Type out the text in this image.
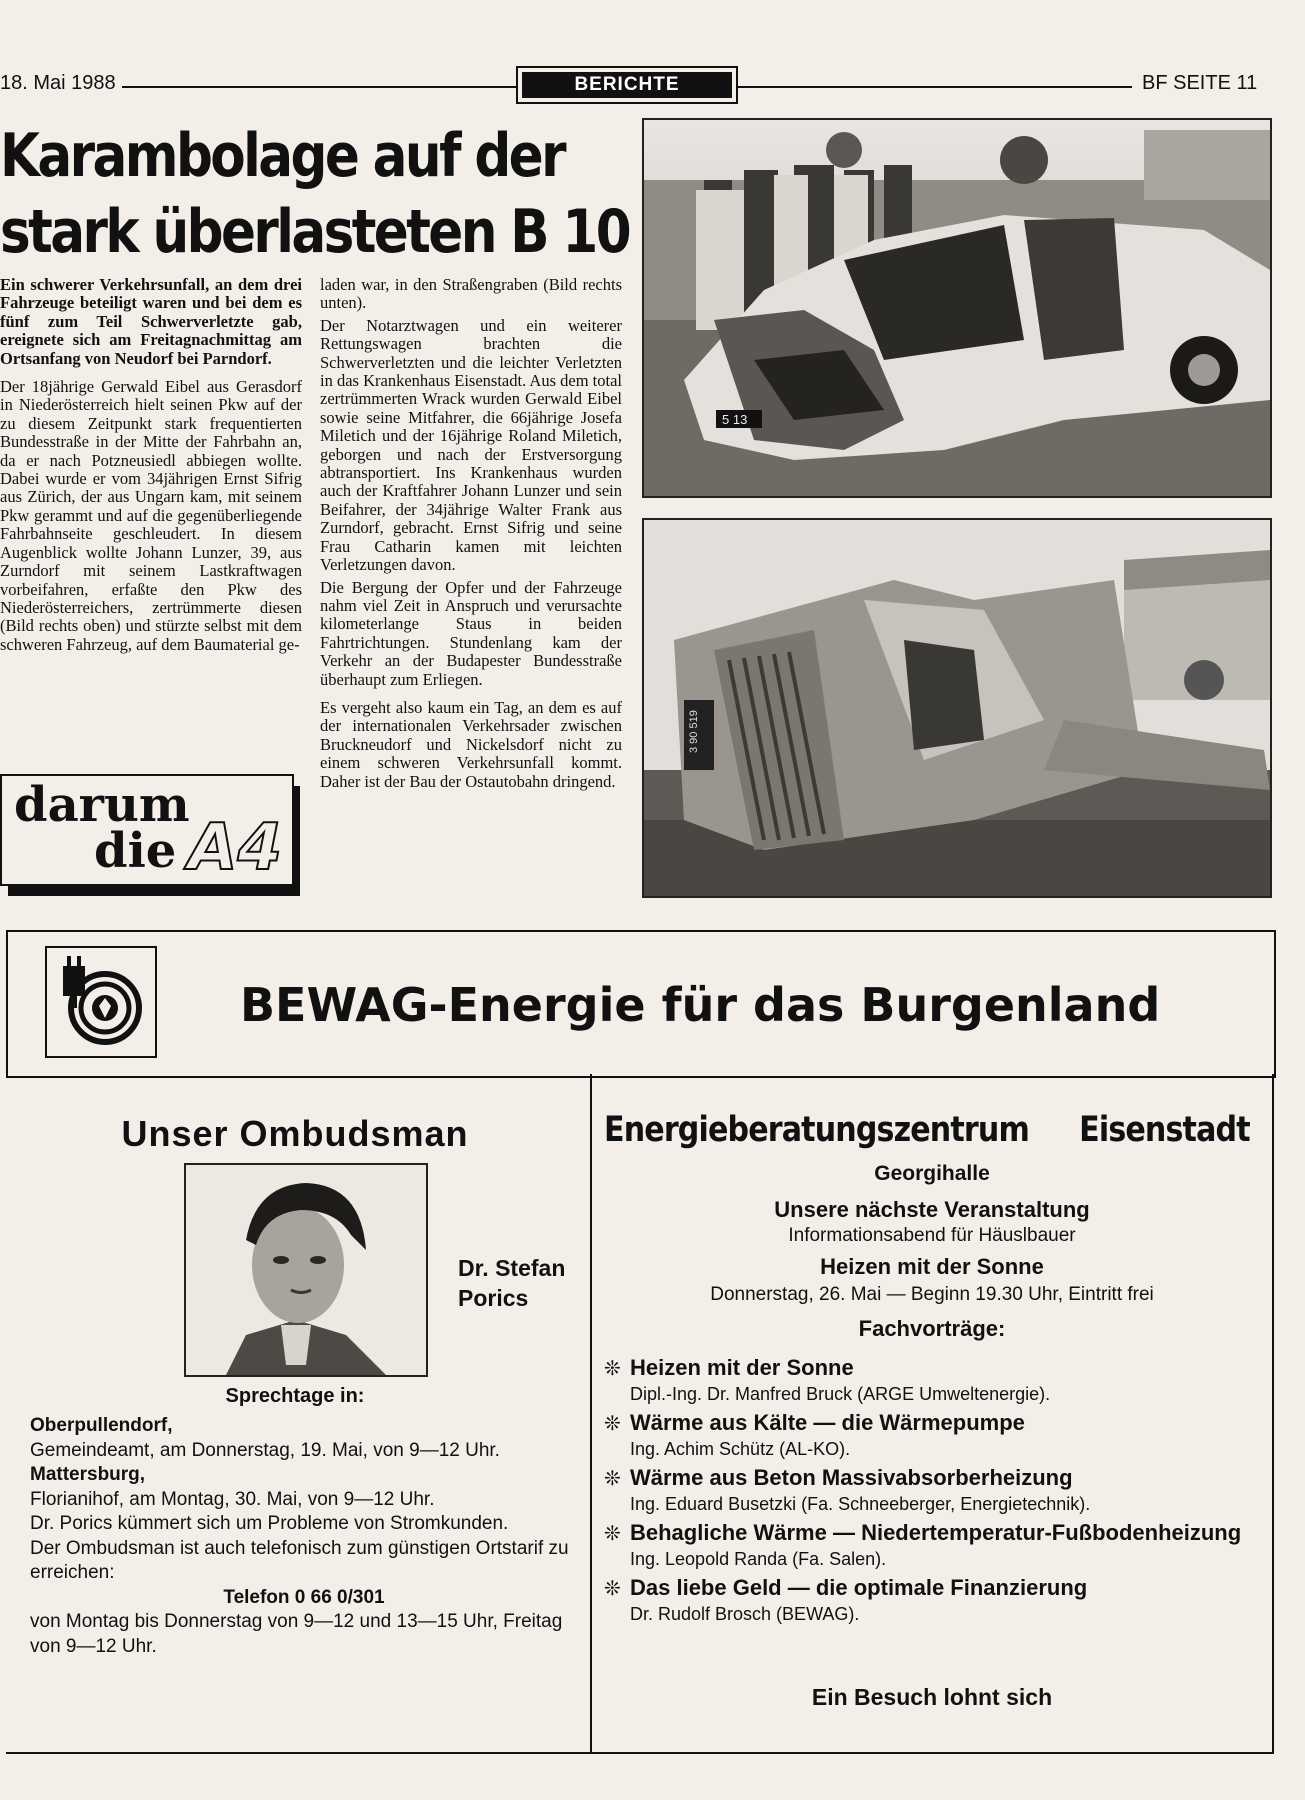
18. Mai 1988	BERICHTE	BF SEITE 11
Karambolage auf der
stark überlasteten B 10

Ein schwerer Verkehrsunfall, an dem drei Fahrzeuge beteiligt waren und bei dem es fünf zum Teil Schwerverletzte gab, ereignete sich am Freitagnachmittag am Ortsanfang von Neudorf bei Parndorf.

Der 18jährige Gerwald Eibel aus Gerasdorf in Niederösterreich hielt seinen Pkw auf der zu diesem Zeitpunkt stark frequentierten Bundesstraße in der Mitte der Fahrbahn an, da er nach Potzneusiedl abbiegen wollte. Dabei wurde er vom 34jährigen Ernst Sifrig aus Zürich, der aus Ungarn kam, mit seinem Pkw gerammt und auf die gegenüberliegende Fahrbahnseite geschleudert. In diesem Augenblick wollte Johann Lunzer, 39, aus Zurndorf mit seinem Lastkraftwagen vorbeifahren, erfaßte den Pkw des Niederösterreichers, zertrümmerte diesen (Bild rechts oben) und stürzte selbst mit dem schweren Fahrzeug, auf dem Baumaterial ge-

laden war, in den Straßengraben (Bild rechts unten).

Der Notarztwagen und ein weiterer Rettungswagen brachten die Schwerverletzten und die leichter Verletzten in das Krankenhaus Eisenstadt. Aus dem total zertrümmerten Wrack wurden Gerwald Eibel sowie seine Mitfahrer, die 66jährige Josefa Miletich und der 16jährige Roland Miletich, geborgen und nach der Erstversorgung abtransportiert. Ins Krankenhaus wurden auch der Kraftfahrer Johann Lunzer und sein Beifahrer, der 34jährige Walter Frank aus Zurndorf, gebracht. Ernst Sifrig und seine Frau Catharin kamen mit leichten Verletzungen davon.

Die Bergung der Opfer und der Fahrzeuge nahm viel Zeit in Anspruch und verursachte kilometerlange Staus in beiden Fahrtrichtungen. Stundenlang kam der Verkehr an der Budapester Bundesstraße überhaupt zum Erliegen.

Es vergeht also kaum ein Tag, an dem es auf der internationalen Verkehrsader zwischen Bruckneudorf und Nickelsdorf nicht zu einem schweren Verkehrsunfall kommt. Daher ist der Bau der Ostautobahn dringend.

5 13
3 90 519
darum
die A4
BEWAG-Energie für das Burgenland
Unser Ombudsman
Dr. Stefan
Porics
Sprechtage in:
Oberpullendorf,
Gemeindeamt, am Donnerstag, 19. Mai, von 9—12 Uhr.
Mattersburg,
Florianihof, am Montag, 30. Mai, von 9—12 Uhr.
Dr. Porics kümmert sich um Probleme von Stromkunden.
Der Ombudsman ist auch telefonisch zum günstigen Ortstarif zu erreichen:
Telefon 0 66 0/301
von Montag bis Donnerstag von 9—12 und 13—15 Uhr, Freitag von 9—12 Uhr.
Energieberatungszentrum Eisenstadt
Georgihalle
Unsere nächste Veranstaltung
Informationsabend für Häuslbauer
Heizen mit der Sonne
Donnerstag, 26. Mai — Beginn 19.30 Uhr, Eintritt frei
Fachvorträge:
❊ Heizen mit der Sonne
Dipl.-Ing. Dr. Manfred Bruck (ARGE Umweltenergie).
❊ Wärme aus Kälte — die Wärmepumpe
Ing. Achim Schütz (AL-KO).
❊ Wärme aus Beton Massivabsorberheizung
Ing. Eduard Busetzki (Fa. Schneeberger, Energietechnik).
❊ Behagliche Wärme — Niedertemperatur-Fußbodenheizung
Ing. Leopold Randa (Fa. Salen).
❊ Das liebe Geld — die optimale Finanzierung
Dr. Rudolf Brosch (BEWAG).
Ein Besuch lohnt sich
